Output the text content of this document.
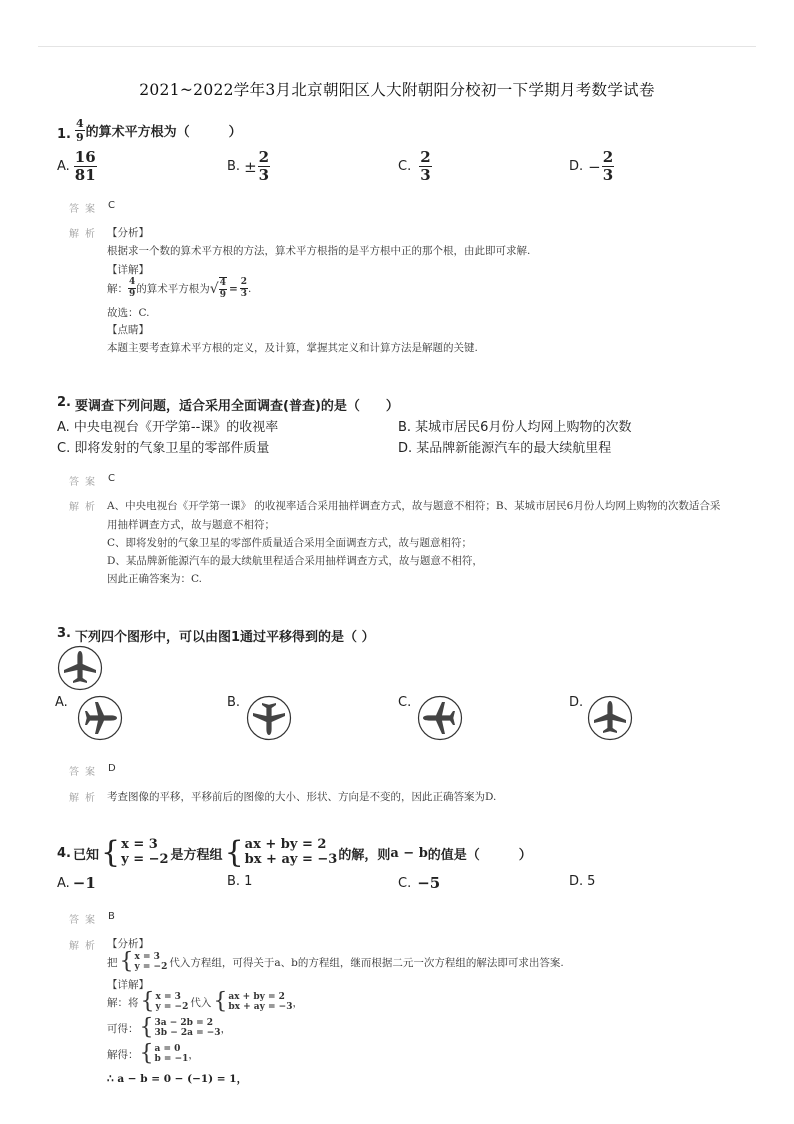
2021~2022学年3月北京朝阳区人大附朝阳分校初一下学期月考数学试卷
1. $\frac{4}{9}$ 的算术平方根为（　　　）
A. $\frac{16}{81}$	B. ± $\frac{2}{3}$	C. $\frac{2}{3}$	D. − $\frac{2}{3}$
答案 C
解析 【分析】
根据求一个数的算术平方根的方法，算术平方根指的是平方根中正的那个根，由此即可求解.
【详解】
解： $\frac{4}{9}$ 的算术平方根为 √ $\frac{4}{9} = \frac{2}{3}$ .
故选：C.
【点睛】
本题主要考查算术平方根的定义，及计算，掌握其定义和计算方法是解题的关键.
2. 要调查下列问题，适合采用全面调查(普查)的是（　　）
A. 中央电视台《开学第--课》的收视率	B. 某城市居民6月份人均网上购物的次数
C. 即将发射的气象卫星的零部件质量	D. 某品牌新能源汽车的最大续航里程
答案 C
解析 A、中央电视台《开学第一课》 的收视率适合采用抽样调查方式，故与题意不相符；B、某城市居民6月份人均网上购物的次数适合采
用抽样调查方式，故与题意不相符；
C、即将发射的气象卫星的零部件质量适合采用全面调查方式，故与题意相符；
D、某品牌新能源汽车的最大续航里程适合采用抽样调查方式，故与题意不相符，
因此正确答案为：C.
3. 下列四个图形中，可以由图1通过平移得到的是（ ）
A.	B.	C.	D.
答案 D
解析 考查图像的平移，平移前后的图像的大小、形状、方向是不变的，因此正确答案为D.
4. 已知 { x = 3
y = −2 是方程组 { ax + by = 2
bx + ay = −3 的解，则 a − b 的值是（　　　）
A. −1	B. 1	C. −5	D. 5
答案 B
解析 【分析】
把 { x = 3
y = −2 代入方程组，可得关于a、b的方程组，继而根据二元一次方程组的解法即可求出答案.
【详解】
解：将 { x = 3
y = −2 代入 { ax + by = 2
bx + ay = −3 ，
可得： { 3a − 2b = 2
3b − 2a = −3 ，
解得： { a = 0
b = −1 ，
∴ a − b = 0 − (−1) = 1，
